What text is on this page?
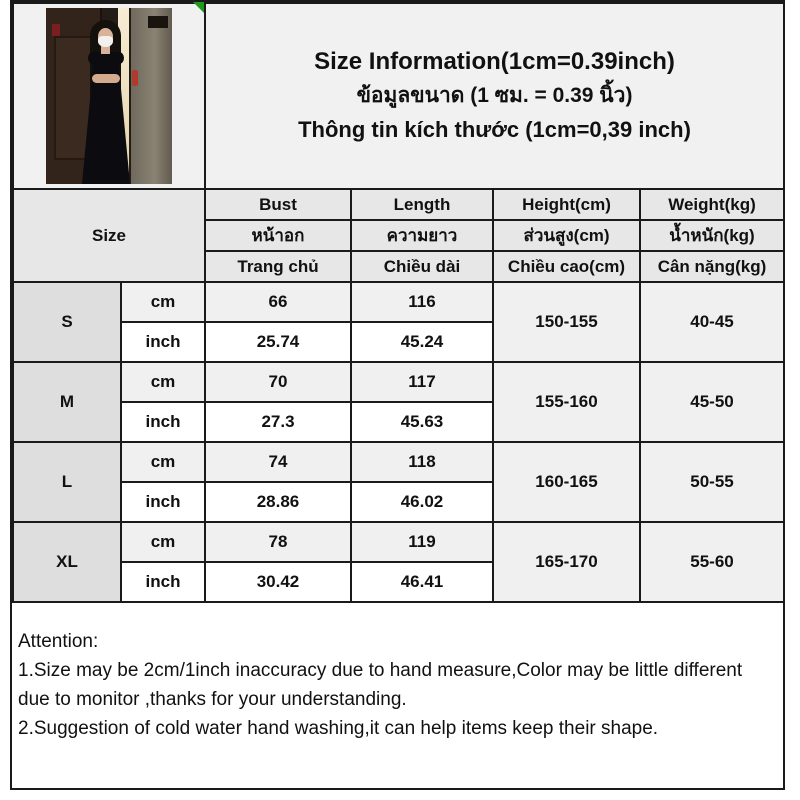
		Size Information(1cm=0.39inch)
ข้อมูลขนาด (1 ซม. = 0.39 นิ้ว)
Thông tin kích thước (1cm=0,39 inch)			

Size		Bust	Length	Height(cm)	Weight(kg)
		หน้าอก	ความยาว	ส่วนสูง(cm)	น้ำหนัก(kg)
		Trang chủ	Chiều dài	Chiều cao(cm)	Cân nặng(kg)
S	cm	66	116	150-155	40-45
	inch	25.74	45.24		
M	cm	70	117	155-160	45-50
	inch	27.3	45.63		
L	cm	74	118	160-165	50-55
	inch	28.86	46.02		
XL	cm	78	119	165-170	55-60
	inch	30.42	46.41		

Attention:

1.Size may be 2cm/1inch inaccuracy due to hand measure,Color may be little different due to monitor ,thanks for your understanding.

2.Suggestion of cold water hand washing,it can help items keep their shape.
